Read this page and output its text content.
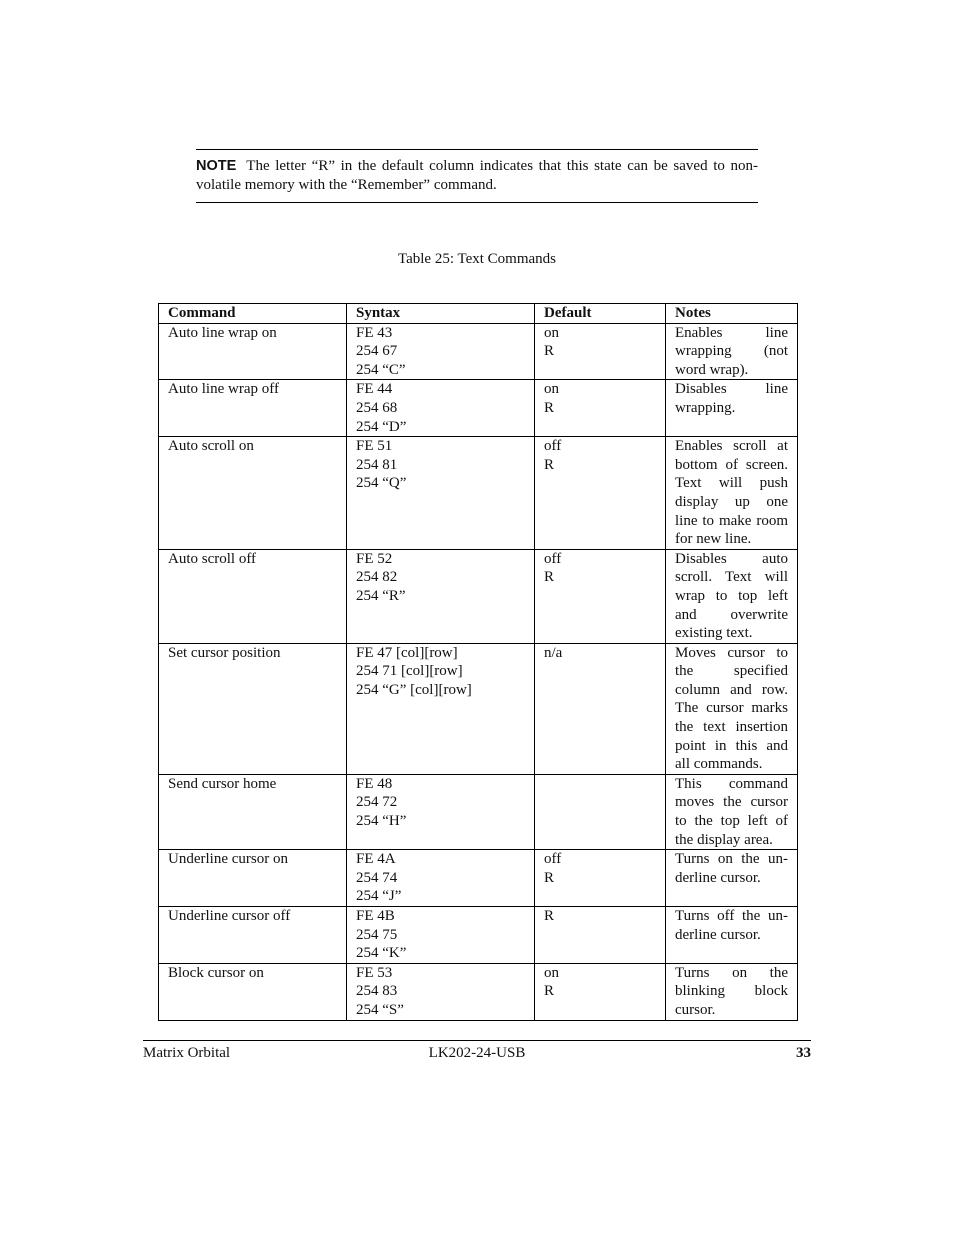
NOTE The letter “R” in the default column indicates that this state can be saved to non-volatile memory with the “Remember” command.
Table 25: Text Commands
Command	Syntax	Default	Notes
Auto line wrap on	FE 43
254 67
254 “C”	on
R	Enables line wrapping (not word wrap).

Auto line wrap off	FE 44
254 68
254 “D”	on
R	Disables line wrapping.

Auto scroll on	FE 51
254 81
254 “Q”	off
R	Enables scroll at bottom of screen. Text will push display up one line to make room for new line.

Auto scroll off	FE 52
254 82
254 “R”	off
R	Disables auto scroll. Text will wrap to top left and overwrite existing text.

Set cursor position	FE 47 [col][row]
254 71 [col][row]
254 “G” [col][row]	n/a	Moves cursor to the specified column and row. The cursor marks the text insertion point in this and all commands.

Send cursor home	FE 48
254 72
254 “H”		This command moves the cursor to the top left of the display area.

Underline cursor on	FE 4A
254 74
254 “J”	off
R	Turns on the un-derline cursor.

Underline cursor off	FE 4B
254 75
254 “K”	R	Turns off the un-derline cursor.

Block cursor on	FE 53
254 83
254 “S”	on
R	Turns on the blinking block cursor.
Matrix Orbital	LK202-24-USB	33
